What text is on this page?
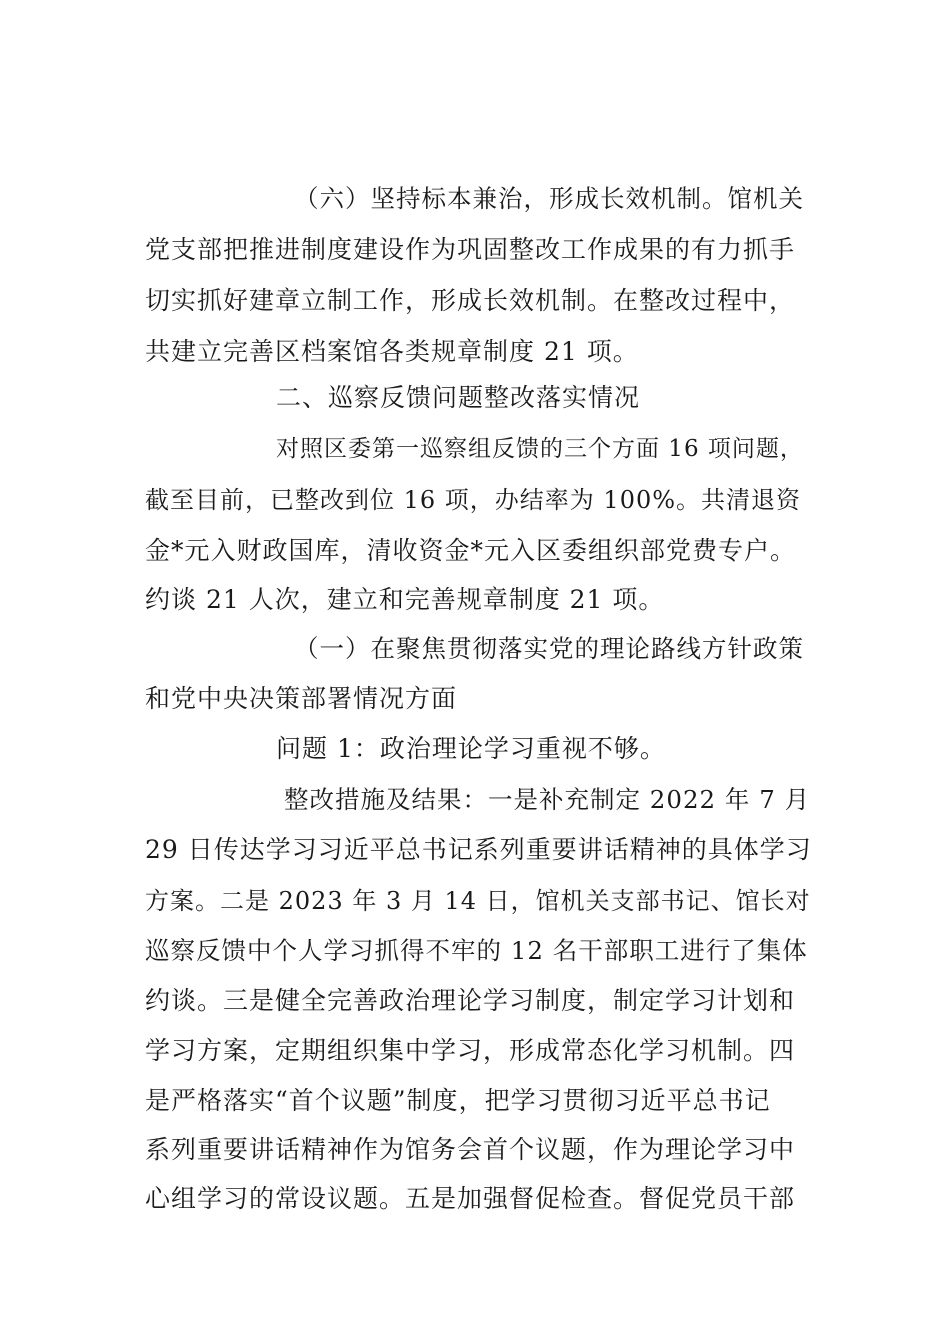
（六）坚持标本兼治，形成长效机制。馆机关
党支部把推进制度建设作为巩固整改工作成果的有力抓手
切实抓好建章立制工作，形成长效机制。在整改过程中，
共建立完善区档案馆各类规章制度 21 项。
二、巡察反馈问题整改落实情况
对照区委第一巡察组反馈的三个方面 16 项问题，
截至目前，已整改到位 16 项，办结率为 100%。共清退资
金*元入财政国库，清收资金*元入区委组织部党费专户。
约谈 21 人次，建立和完善规章制度 21 项。
（一）在聚焦贯彻落实党的理论路线方针政策
和党中央决策部署情况方面
问题 1：政治理论学习重视不够。
整改措施及结果：一是补充制定 2022 年 7 月
29 日传达学习习近平总书记系列重要讲话精神的具体学习
方案。二是 2023 年 3 月 14 日，馆机关支部书记、馆长对
巡察反馈中个人学习抓得不牢的 12 名干部职工进行了集体
约谈。三是健全完善政治理论学习制度，制定学习计划和
学习方案，定期组织集中学习，形成常态化学习机制。四
是严格落实“首个议题”制度，把学习贯彻习近平总书记
系列重要讲话精神作为馆务会首个议题，作为理论学习中
心组学习的常设议题。五是加强督促检查。督促党员干部
